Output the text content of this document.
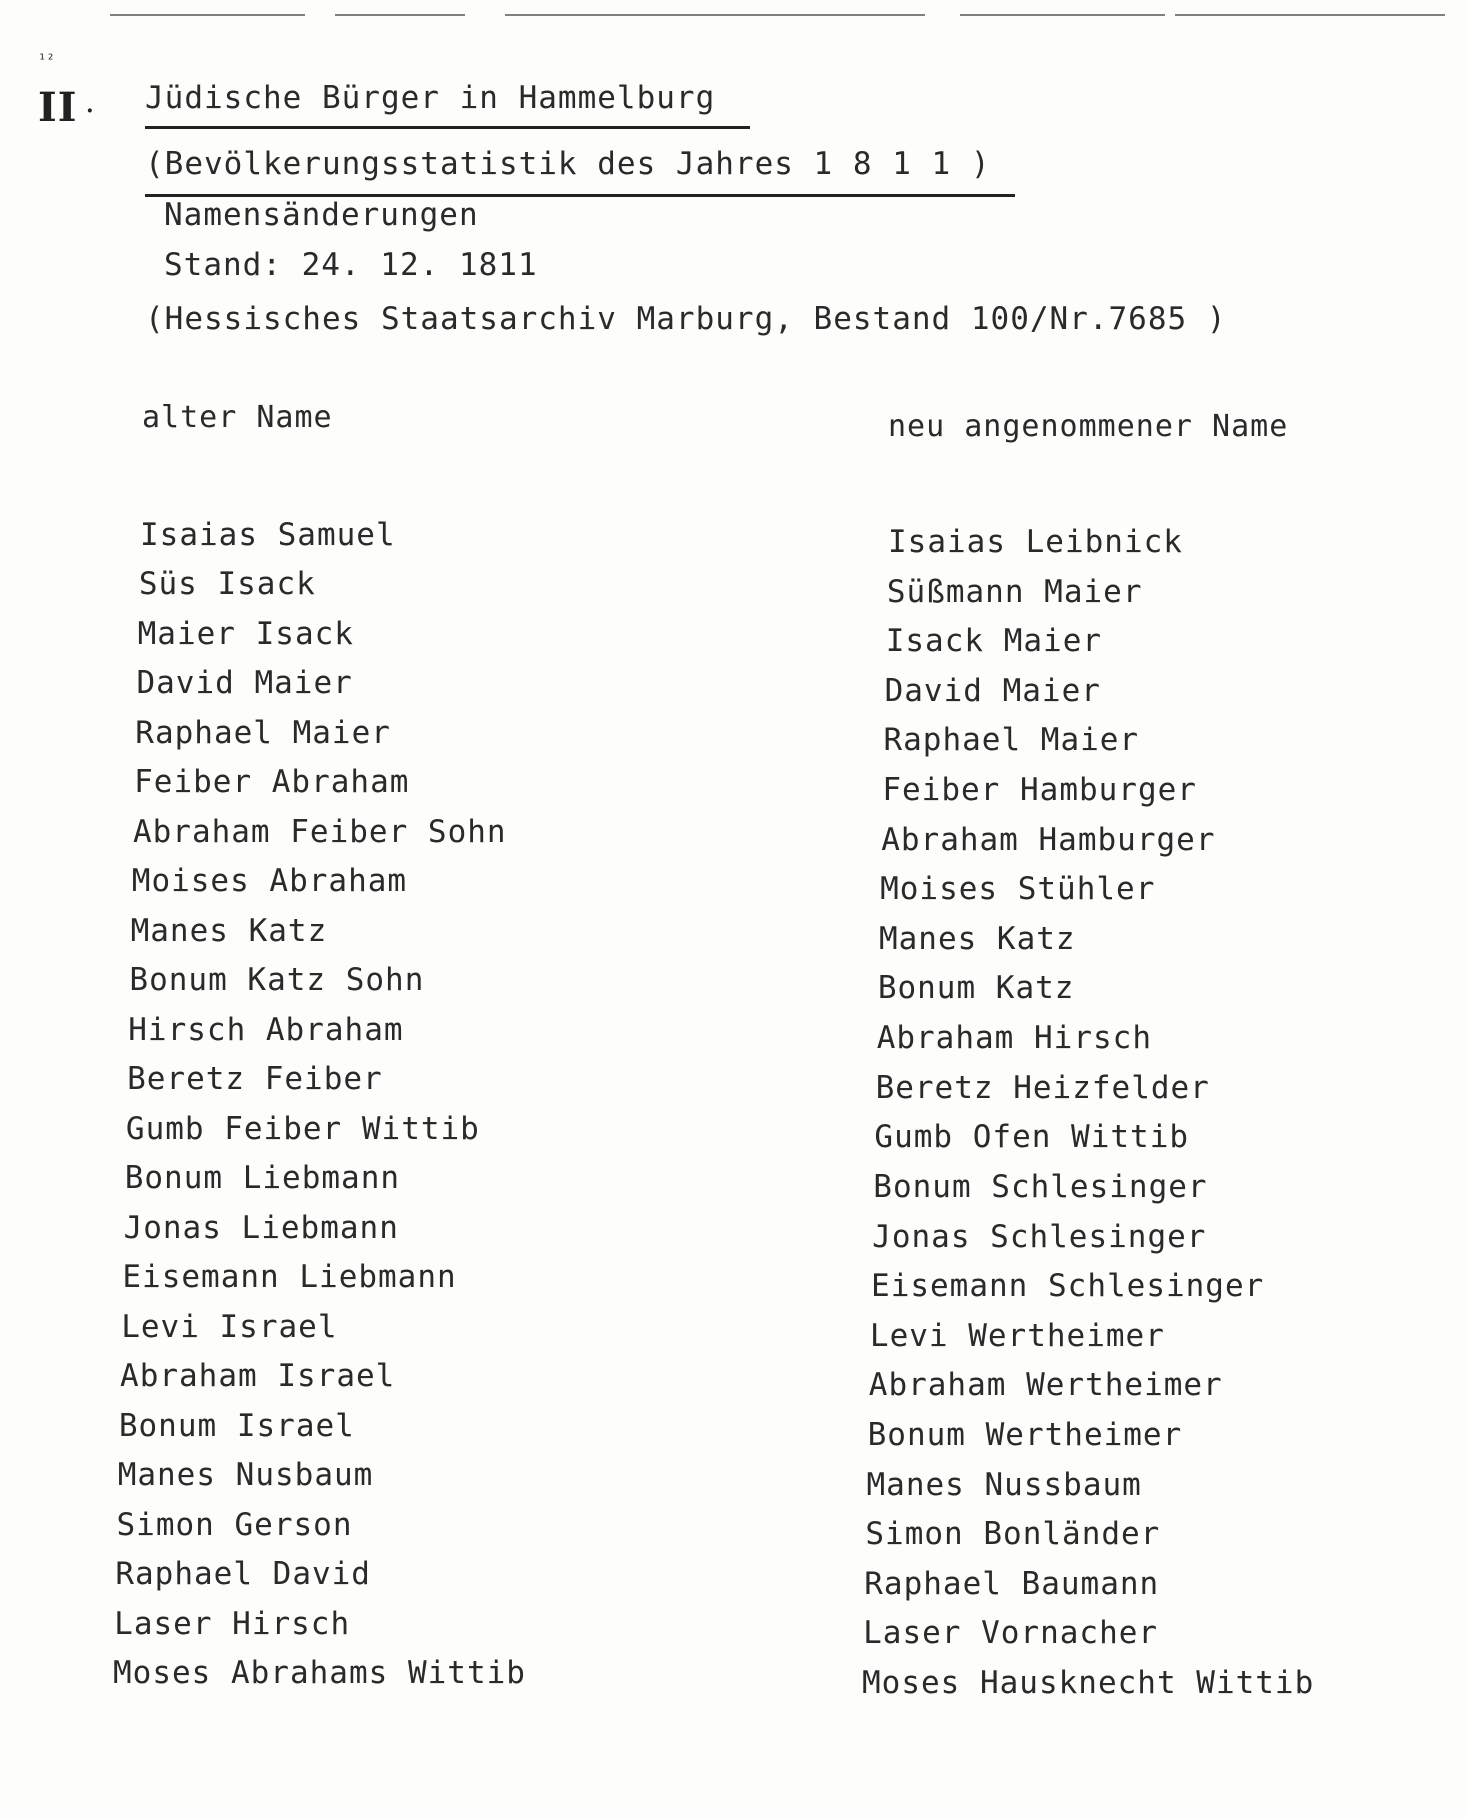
¹²
II · Jüdische Bürger in Hammelburg
(Bevölkerungsstatistik des Jahres 1 8 1 1 )
Namensänderungen
Stand: 24. 12. 1811
(Hessisches Staatsarchiv Marburg, Bestand 100/Nr.7685 )
alter Name	neu angenommener Name
Isaias Samuel	Isaias Leibnick
Süs Isack	Süßmann Maier
Maier Isack	Isack Maier
David Maier	David Maier
Raphael Maier	Raphael Maier
Feiber Abraham	Feiber Hamburger
Abraham Feiber Sohn	Abraham Hamburger
Moises Abraham	Moises Stühler
Manes Katz	Manes Katz
Bonum Katz Sohn	Bonum Katz
Hirsch Abraham	Abraham Hirsch
Beretz Feiber	Beretz Heizfelder
Gumb Feiber Wittib	Gumb Ofen Wittib
Bonum Liebmann	Bonum Schlesinger
Jonas Liebmann	Jonas Schlesinger
Eisemann Liebmann	Eisemann Schlesinger
Levi Israel	Levi Wertheimer
Abraham Israel	Abraham Wertheimer
Bonum Israel	Bonum Wertheimer
Manes Nusbaum	Manes Nussbaum
Simon Gerson	Simon Bonländer
Raphael David	Raphael Baumann
Laser Hirsch	Laser Vornacher
Moses Abrahams Wittib	Moses Hausknecht Wittib
